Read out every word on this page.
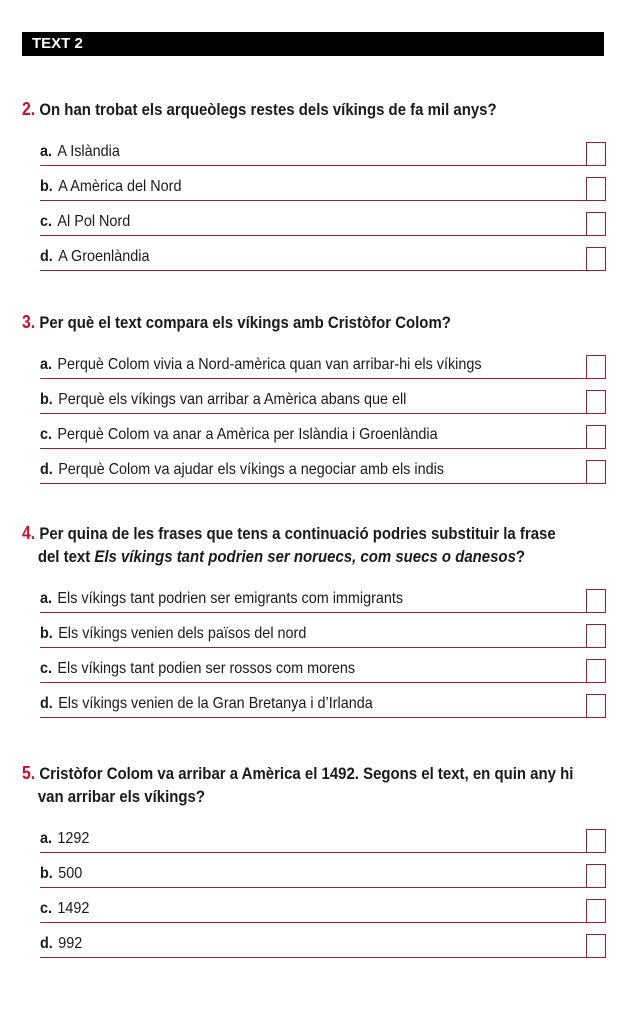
TEXT 2
2. On han trobat els arqueòlegs restes dels víkings de fa mil anys?
a. A Islàndia
b. A Amèrica del Nord
c. Al Pol Nord
d. A Groenlàndia
3. Per què el text compara els víkings amb Cristòfor Colom?
a. Perquè Colom vivia a Nord-amèrica quan van arribar-hi els víkings
b. Perquè els víkings van arribar a Amèrica abans que ell
c. Perquè Colom va anar a Amèrica per Islàndia i Groenlàndia
d. Perquè Colom va ajudar els víkings a negociar amb els indis
4. Per quina de les frases que tens a continuació podries substituir la frase
del text Els víkings tant podrien ser noruecs, com suecs o danesos?
a. Els víkings tant podrien ser emigrants com immigrants
b. Els víkings venien dels països del nord
c. Els víkings tant podien ser rossos com morens
d. Els víkings venien de la Gran Bretanya i d’Irlanda
5. Cristòfor Colom va arribar a Amèrica el 1492. Segons el text, en quin any hi
van arribar els víkings?
a. 1292
b. 500
c. 1492
d. 992
